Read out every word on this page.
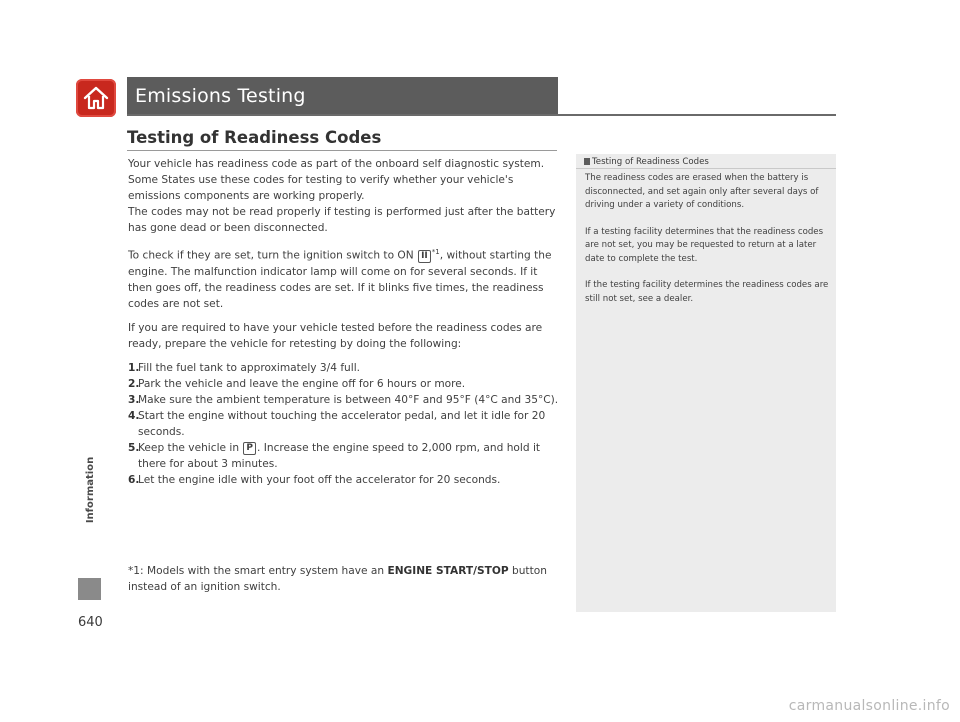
Emissions Testing
Information
640
Testing of Readiness Codes

Your vehicle has readiness code as part of the onboard self diagnostic system. Some States use these codes for testing to verify whether your vehicle's emissions components are working properly.

The codes may not be read properly if testing is performed just after the battery has gone dead or been disconnected.

To check if they are set, turn the ignition switch to ON II $^{*1}$, without starting the engine. The malfunction indicator lamp will come on for several seconds. If it then goes off, the readiness codes are set. If it blinks five times, the readiness codes are not set.

If you are required to have your vehicle tested before the readiness codes are ready, prepare the vehicle for retesting by doing the following:

1.
Fill the fuel tank to approximately 3/4 full.
2.
Park the vehicle and leave the engine off for 6 hours or more.
3.
Make sure the ambient temperature is between 40°F and 95°F (4°C and 35°C).
4.
Start the engine without touching the accelerator pedal, and let it idle for 20 seconds.
5.
Keep the vehicle in P . Increase the engine speed to 2,000 rpm, and hold it there for about 3 minutes.
6.
Let the engine idle with your foot off the accelerator for 20 seconds.
*1: Models with the smart entry system have an ENGINE START/STOP button instead of an ignition switch.
Testing of Readiness Codes

The readiness codes are erased when the battery is disconnected, and set again only after several days of driving under a variety of conditions.

If a testing facility determines that the readiness codes are not set, you may be requested to return at a later date to complete the test.

If the testing facility determines the readiness codes are still not set, see a dealer.

carmanualsonline.info
